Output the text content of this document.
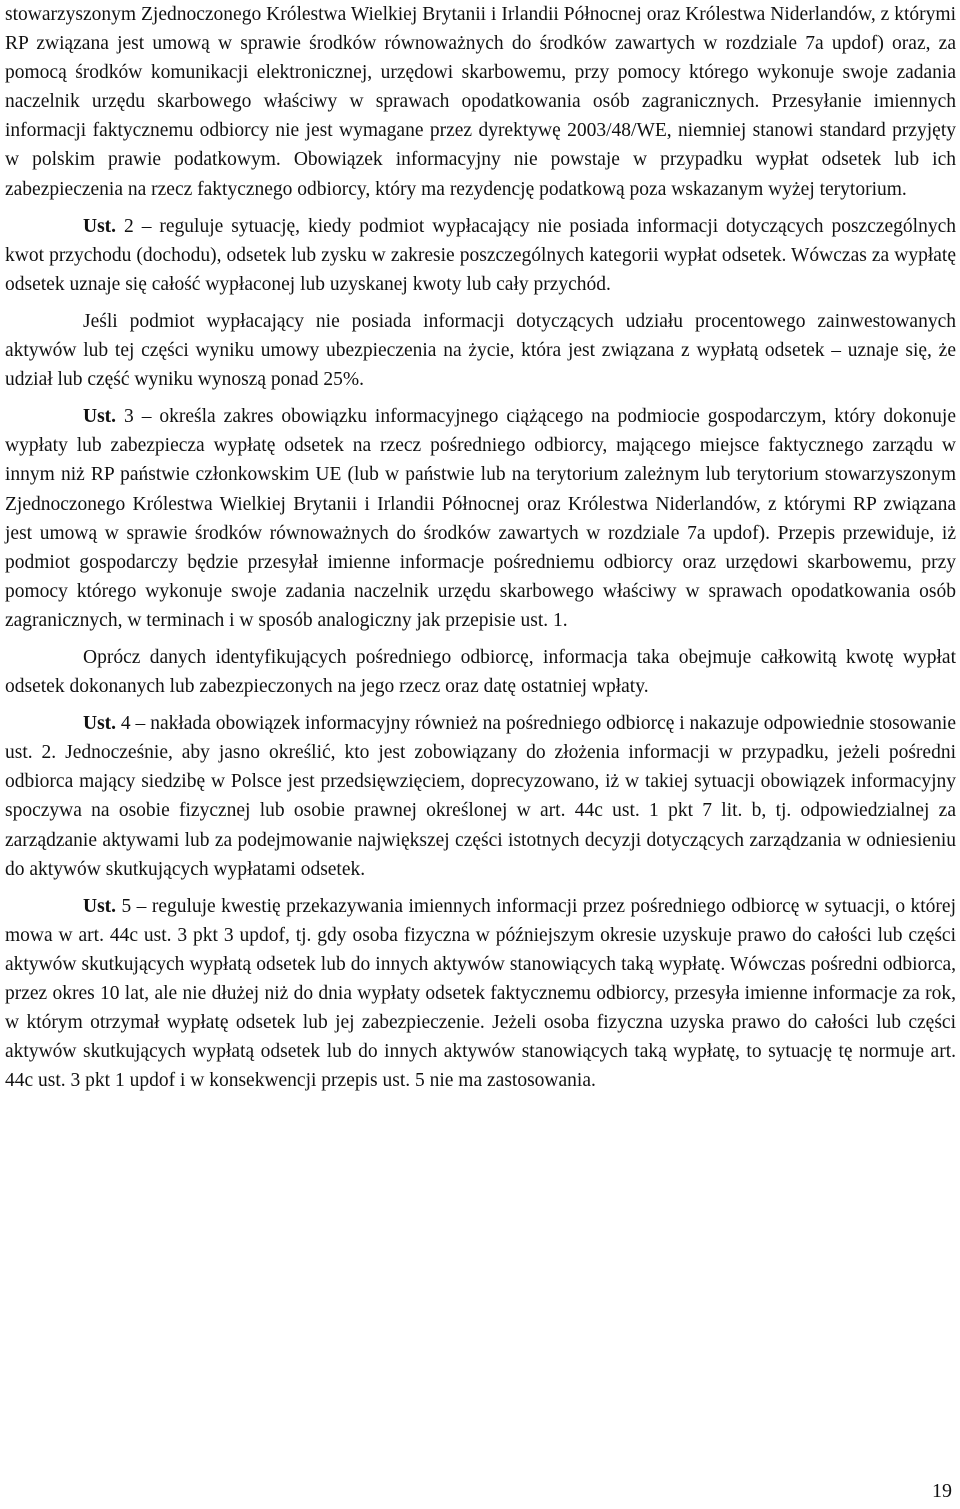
stowarzyszonym Zjednoczonego Królestwa Wielkiej Brytanii i Irlandii Północnej oraz Królestwa Niderlandów, z którymi RP związana jest umową w sprawie środków równoważnych do środków zawartych w rozdziale 7a updof) oraz, za pomocą środków komunikacji elektronicznej, urzędowi skarbowemu, przy pomocy którego wykonuje swoje zadania naczelnik urzędu skarbowego właściwy w sprawach opodatkowania osób zagranicznych. Przesyłanie imiennych informacji faktycznemu odbiorcy nie jest wymagane przez dyrektywę 2003/48/WE, niemniej stanowi standard przyjęty w polskim prawie podatkowym. Obowiązek informacyjny nie powstaje w przypadku wypłat odsetek lub ich zabezpieczenia na rzecz faktycznego odbiorcy, który ma rezydencję podatkową poza wskazanym wyżej terytorium.

Ust. 2 – reguluje sytuację, kiedy podmiot wypłacający nie posiada informacji dotyczących poszczególnych kwot przychodu (dochodu), odsetek lub zysku w zakresie poszczególnych kategorii wypłat odsetek. Wówczas za wypłatę odsetek uznaje się całość wypłaconej lub uzyskanej kwoty lub cały przychód.

Jeśli podmiot wypłacający nie posiada informacji dotyczących udziału procentowego zainwestowanych aktywów lub tej części wyniku umowy ubezpieczenia na życie, która jest związana z wypłatą odsetek – uznaje się, że udział lub część wyniku wynoszą ponad 25%.

Ust. 3 – określa zakres obowiązku informacyjnego ciążącego na podmiocie gospodarczym, który dokonuje wypłaty lub zabezpiecza wypłatę odsetek na rzecz pośredniego odbiorcy, mającego miejsce faktycznego zarządu w innym niż RP państwie członkowskim UE (lub w państwie lub na terytorium zależnym lub terytorium stowarzyszonym Zjednoczonego Królestwa Wielkiej Brytanii i Irlandii Północnej oraz Królestwa Niderlandów, z którymi RP związana jest umową w sprawie środków równoważnych do środków zawartych w rozdziale 7a updof). Przepis przewiduje, iż podmiot gospodarczy będzie przesyłał imienne informacje pośredniemu odbiorcy oraz urzędowi skarbowemu, przy pomocy którego wykonuje swoje zadania naczelnik urzędu skarbowego właściwy w sprawach opodatkowania osób zagranicznych, w terminach i w sposób analogiczny jak przepisie ust. 1.

Oprócz danych identyfikujących pośredniego odbiorcę, informacja taka obejmuje całkowitą kwotę wypłat odsetek dokonanych lub zabezpieczonych na jego rzecz oraz datę ostatniej wpłaty.

Ust. 4 – nakłada obowiązek informacyjny również na pośredniego odbiorcę i nakazuje odpowiednie stosowanie ust. 2. Jednocześnie, aby jasno określić, kto jest zobowiązany do złożenia informacji w przypadku, jeżeli pośredni odbiorca mający siedzibę w Polsce jest przedsięwzięciem, doprecyzowano, iż w takiej sytuacji obowiązek informacyjny spoczywa na osobie fizycznej lub osobie prawnej określonej w art. 44c ust. 1 pkt 7 lit. b, tj. odpowiedzialnej za zarządzanie aktywami lub za podejmowanie największej części istotnych decyzji dotyczących zarządzania w odniesieniu do aktywów skutkujących wypłatami odsetek.

Ust. 5 – reguluje kwestię przekazywania imiennych informacji przez pośredniego odbiorcę w sytuacji, o której mowa w art. 44c ust. 3 pkt 3 updof, tj. gdy osoba fizyczna w późniejszym okresie uzyskuje prawo do całości lub części aktywów skutkujących wypłatą odsetek lub do innych aktywów stanowiących taką wypłatę. Wówczas pośredni odbiorca, przez okres 10 lat, ale nie dłużej niż do dnia wypłaty odsetek faktycznemu odbiorcy, przesyła imienne informacje za rok, w którym otrzymał wypłatę odsetek lub jej zabezpieczenie. Jeżeli osoba fizyczna uzyska prawo do całości lub części aktywów skutkujących wypłatą odsetek lub do innych aktywów stanowiących taką wypłatę, to sytuację tę normuje art. 44c ust. 3 pkt 1 updof i w konsekwencji przepis ust. 5 nie ma zastosowania.

19
